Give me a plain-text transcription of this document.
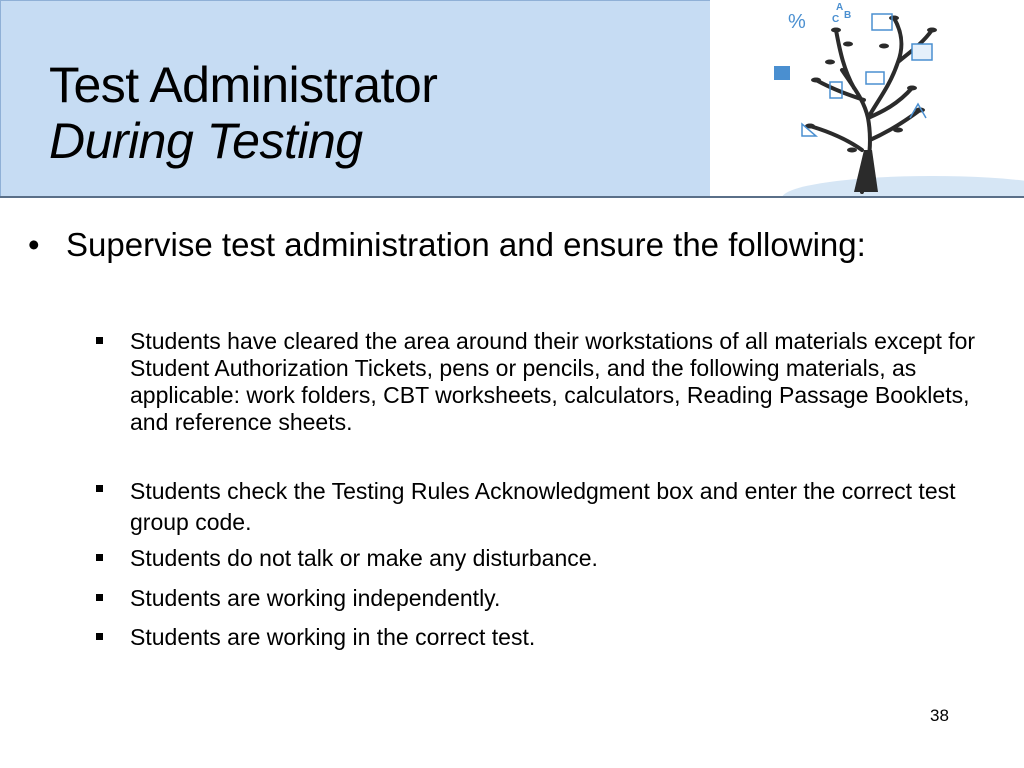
Test Administrator
During Testing
%
A
C B
• Supervise test administration and ensure the following:
Students have cleared the area around their workstations of all materials except for Student Authorization Tickets, pens or pencils, and the following materials, as applicable: work folders, CBT worksheets, calculators, Reading Passage Booklets, and reference sheets.
Students check the Testing Rules Acknowledgment box and enter the correct test group code.
Students do not talk or make any disturbance.
Students are working independently.
Students are working in the correct test.
38
